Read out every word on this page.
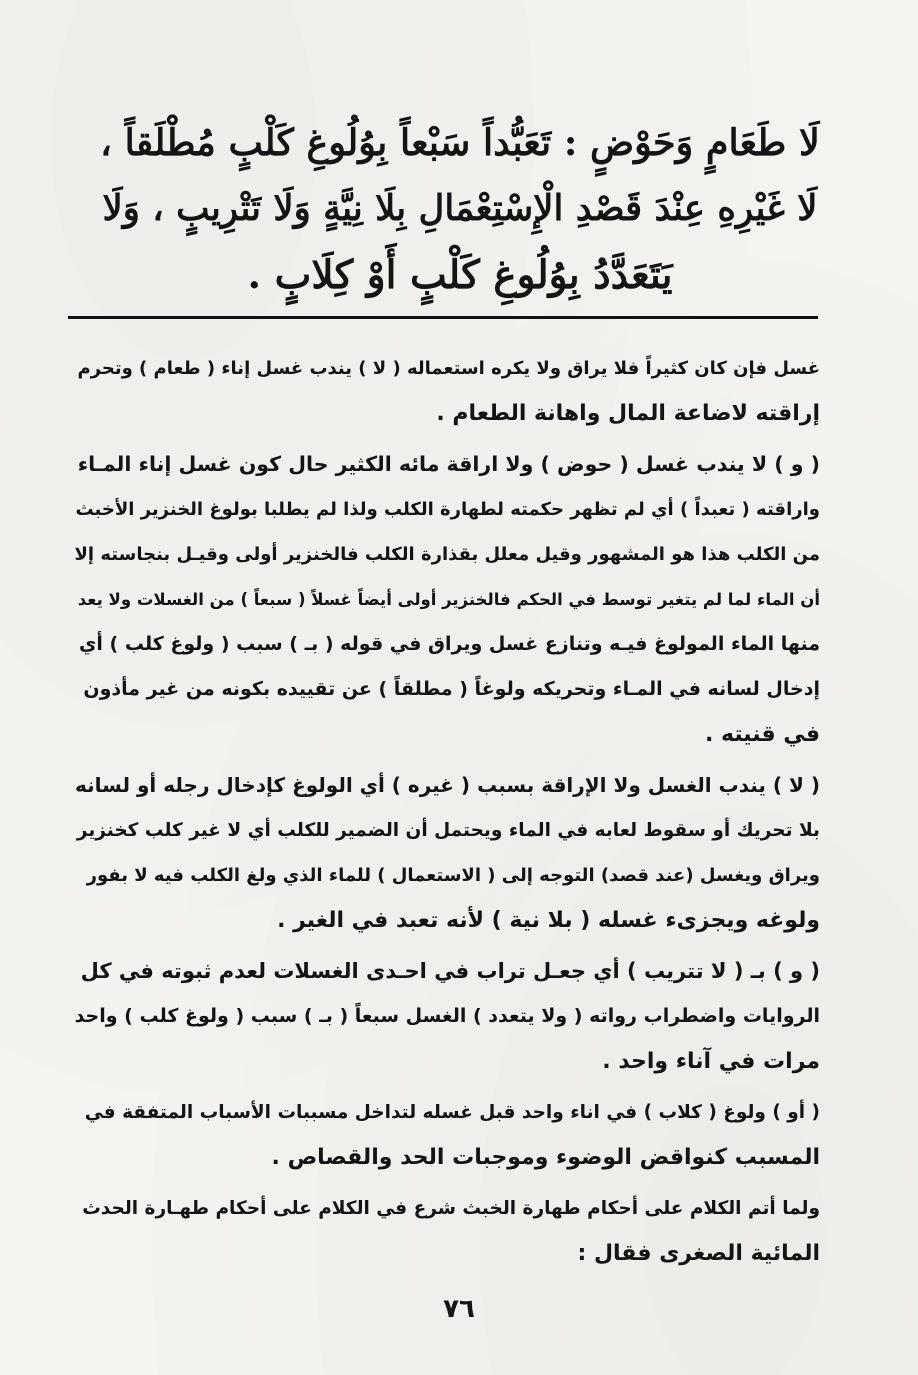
لَا طَعَامٍ وَحَوْضٍ : تَعَبُّداً سَبْعاً بِوُلُوغِ كَلْبٍ مُطْلَقاً ،
لَا غَيْرِهِ عِنْدَ قَصْدِ الْإِسْتِعْمَالِ بِلَا نِيَّةٍ وَلَا تَتْرِيبٍ ، وَلَا
يَتَعَدَّدُ بِوُلُوغِ كَلْبٍ أَوْ كِلَابٍ .
غسل فإن كان كثيراً فلا يراق ولا يكره استعماله ( لا ) يندب غسل إناء ( طعام ) وتحرم
إراقته لاضاعة المال واهانة الطعام .
( و ) لا يندب غسل ( حوض ) ولا اراقة مائه الكثير حال كون غسل إناء المـاء
واراقته ( تعبداً ) أي لم تظهر حكمته لطهارة الكلب ولذا لم يطلبا بولوغ الخنزير الأخبث
من الكلب هذا هو المشهور وقيل معلل بقذارة الكلب فالخنزير أولى وقيـل بنجاسته إلا
أن الماء لما لم يتغير توسط في الحكم فالخنزير أولى أيضاً غسلاً ( سبعاً ) من الغسلات ولا يعد
منها الماء المولوغ فيـه وتنازع غسل ويراق في قوله ( بـ ) سبب ( ولوغ كلب ) أي
إدخال لسانه في المـاء وتحريكه ولوغاً ( مطلقاً ) عن تقييده بكونه من غير مأذون
في قنيته .
( لا ) يندب الغسل ولا الإراقة بسبب ( غيره ) أي الولوغ كإدخال رجله أو لسانه
بلا تحريك أو سقوط لعابه في الماء ويحتمل أن الضمير للكلب أي لا غير كلب كخنزير
ويراق ويغسل (عند قصد) التوجه إلى ( الاستعمال ) للماء الذي ولغ الكلب فيه لا بفور
ولوغه ويجزىء غسله ( بلا نية ) لأنه تعبد في الغير .
( و ) بـ ( لا تتريب ) أي جعـل تراب في احـدى الغسلات لعدم ثبوته في كل
الروايات واضطراب رواته ( ولا يتعدد ) الغسل سبعاً ( بـ ) سبب ( ولوغ كلب ) واحد
مرات في آناء واحد .
( أو ) ولوغ ( كلاب ) في اناء واحد قبل غسله لتداخل مسببات الأسباب المتفقة في
المسبب كنواقض الوضوء وموجبات الحد والقصاص .
ولما أتم الكلام على أحكام طهارة الخبث شرع في الكلام على أحكام طهـارة الحدث
المائية الصغرى فقال :
٧٦
